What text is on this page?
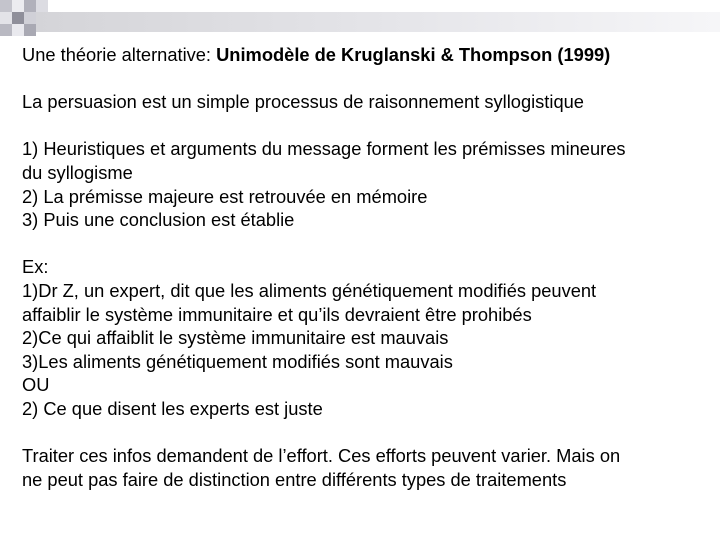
Une théorie alternative: Unimodèle de Kruglanski & Thompson (1999)
La persuasion est un simple processus de raisonnement syllogistique
1) Heuristiques et arguments du message forment les prémisses mineures
du syllogisme
2) La prémisse majeure est retrouvée en mémoire
3) Puis une conclusion est établie
Ex:
1)Dr Z, un expert, dit que les aliments génétiquement modifiés peuvent
affaiblir le système immunitaire et qu’ils devraient être prohibés
2)Ce qui affaiblit le système immunitaire est mauvais
3)Les aliments génétiquement modifiés sont mauvais
OU
2) Ce que disent les experts est juste
Traiter ces infos demandent de l’effort. Ces efforts peuvent varier. Mais on
ne peut pas faire de distinction entre différents types de traitements
